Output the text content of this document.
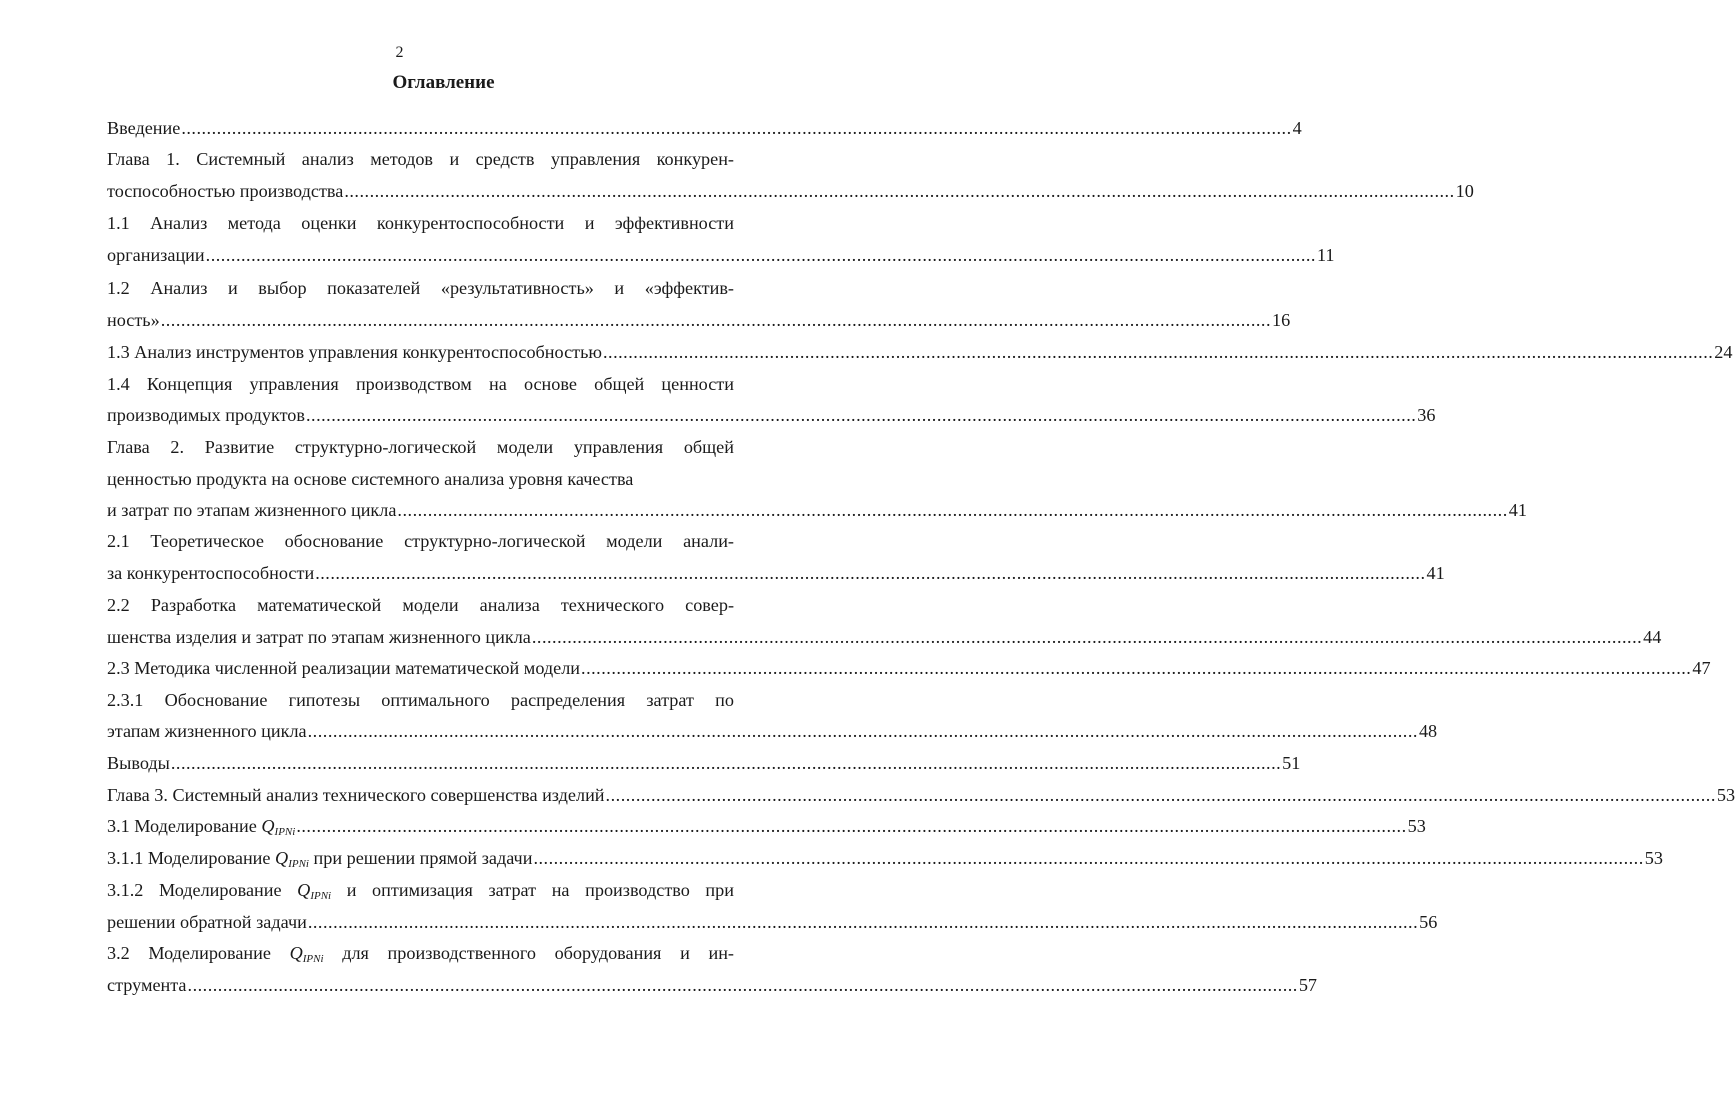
2
Оглавление
Введение ............................................................................................................................................................................................................................ 4
Глава 1. Системный анализ методов и средств управления конкурен-
тоспособностью производства ............................................................................................................................................................................................................................ 10
1.1 Анализ метода оценки конкурентоспособности и эффективности
организации ............................................................................................................................................................................................................................ 11
1.2 Анализ и выбор показателей «результативность» и «эффектив-
ность» ............................................................................................................................................................................................................................ 16
1.3 Анализ инструментов управления конкурентоспособностью ............................................................................................................................................................................................................................ 24
1.4 Концепция управления производством на основе общей ценности
производимых продуктов ............................................................................................................................................................................................................................ 36
Глава 2. Развитие структурно-логической модели управления общей
ценностью продукта на основе системного анализа уровня качества
и затрат по этапам жизненного цикла ............................................................................................................................................................................................................................ 41
2.1 Теоретическое обоснование структурно-логической модели анали-
за конкурентоспособности ............................................................................................................................................................................................................................ 41
2.2 Разработка математической модели анализа технического совер-
шенства изделия и затрат по этапам жизненного цикла ............................................................................................................................................................................................................................ 44
2.3 Методика численной реализации математической модели ............................................................................................................................................................................................................................ 47
2.3.1 Обоснование гипотезы оптимального распределения затрат по
этапам жизненного цикла ............................................................................................................................................................................................................................ 48
Выводы ............................................................................................................................................................................................................................ 51
Глава 3. Системный анализ технического совершенства изделий ............................................................................................................................................................................................................................ 53
3.1 Моделирование $Q_{IPNi}$ ............................................................................................................................................................................................................................ 53
3.1.1 Моделирование $Q_{IPNi}$ при решении прямой задачи ............................................................................................................................................................................................................................ 53
3.1.2 Моделирование $Q_{IPNi}$ и оптимизация затрат на производство при
решении обратной задачи ............................................................................................................................................................................................................................ 56
3.2 Моделирование $Q_{IPNi}$ для производственного оборудования и ин-
струмента ............................................................................................................................................................................................................................ 57
